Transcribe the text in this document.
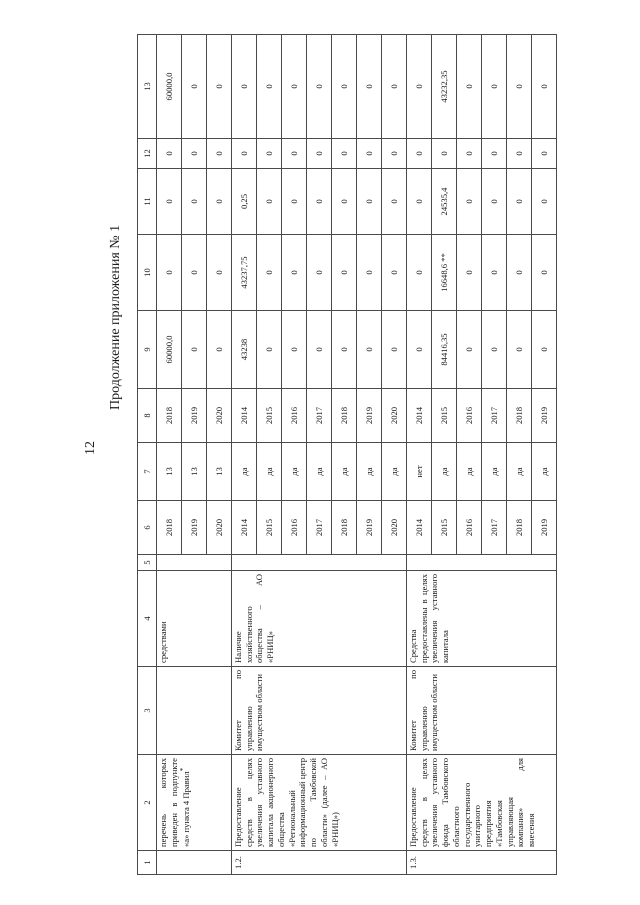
12
Продолжение приложения № 1
1	2	3	4	5	6	7	8	9	10	11	12	13
	перечень которых приведен в подпункте «а» пункта 4 Правил*		средствами		2018	13	2018	60000,0	0	0	0	60000,0
					2019	13	2019	0	0	0	0	0
					2020	13	2020	0	0	0	0	0
1.2.	Предоставление средств в целях увеличения уставного капитала акционерного общества «Региональный информационный центр по Тамбовской области» (далее – АО «РНИЦ»)	Комитет по управлению имуществом области	Наличие хозяйственного общества – АО «РНИЦ»		2014	да	2014	43238	43237,75	0,25	0	0
					2015	да	2015	0	0	0	0	0
					2016	да	2016	0	0	0	0	0
					2017	да	2017	0	0	0	0	0
					2018	да	2018	0	0	0	0	0
					2019	да	2019	0	0	0	0	0
					2020	да	2020	0	0	0	0	0
1.3.	Предоставление средств в целях увеличения уставного фонда Тамбовского областного государственного унитарного предприятия «Тамбовская управляющая компания» для внесения	Комитет по управлению имуществом области	Средства предоставлены в целях увеличения уставного капитала		2014	нет	2014	0	0	0	0	0
					2015	да	2015	84416,35	16648,6 **	24535,4	0	43232,35
					2016	да	2016	0	0	0	0	0
					2017	да	2017	0	0	0	0	0
					2018	да	2018	0	0	0	0	0
					2019	да	2019	0	0	0	0	0
